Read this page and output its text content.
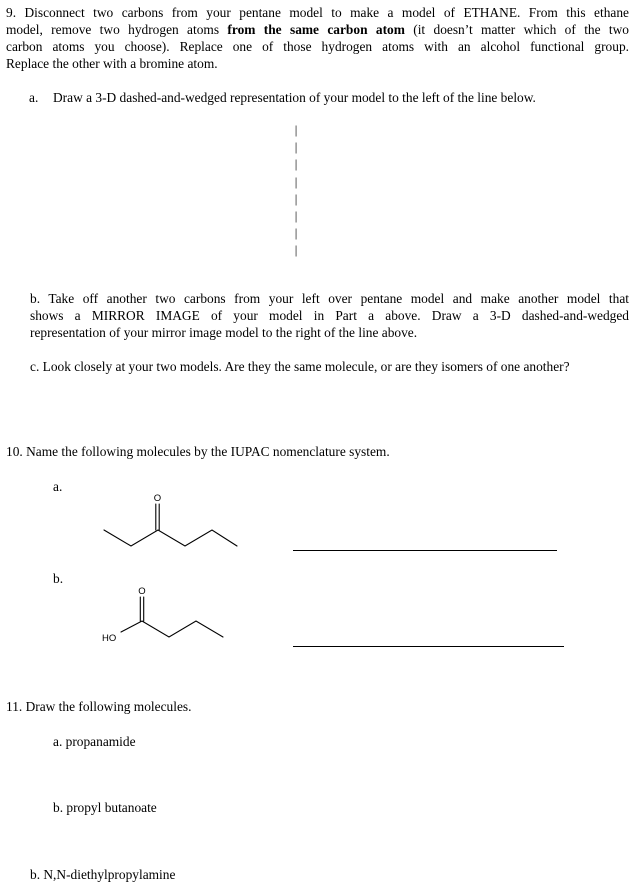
9. Disconnect two carbons from your pentane model to make a model of ETHANE. From this ethane
model, remove two hydrogen atoms from the same carbon atom (it doesn’t matter which of the two
carbon atoms you choose). Replace one of those hydrogen atoms with an alcohol functional group.
Replace the other with a bromine atom.
a. Draw a 3-D dashed-and-wedged representation of your model to the left of the line below.
|
|
|
|
|
|
|
|
b. Take off another two carbons from your left over pentane model and make another model that
shows a MIRROR IMAGE of your model in Part a above. Draw a 3-D dashed-and-wedged
representation of your mirror image model to the right of the line above.
c. Look closely at your two models. Are they the same molecule, or are they isomers of one another?
10. Name the following molecules by the IUPAC nomenclature system.
a.
b.
O
O
HO
11. Draw the following molecules.
a. propanamide
b. propyl butanoate
b. N,N-diethylpropylamine
